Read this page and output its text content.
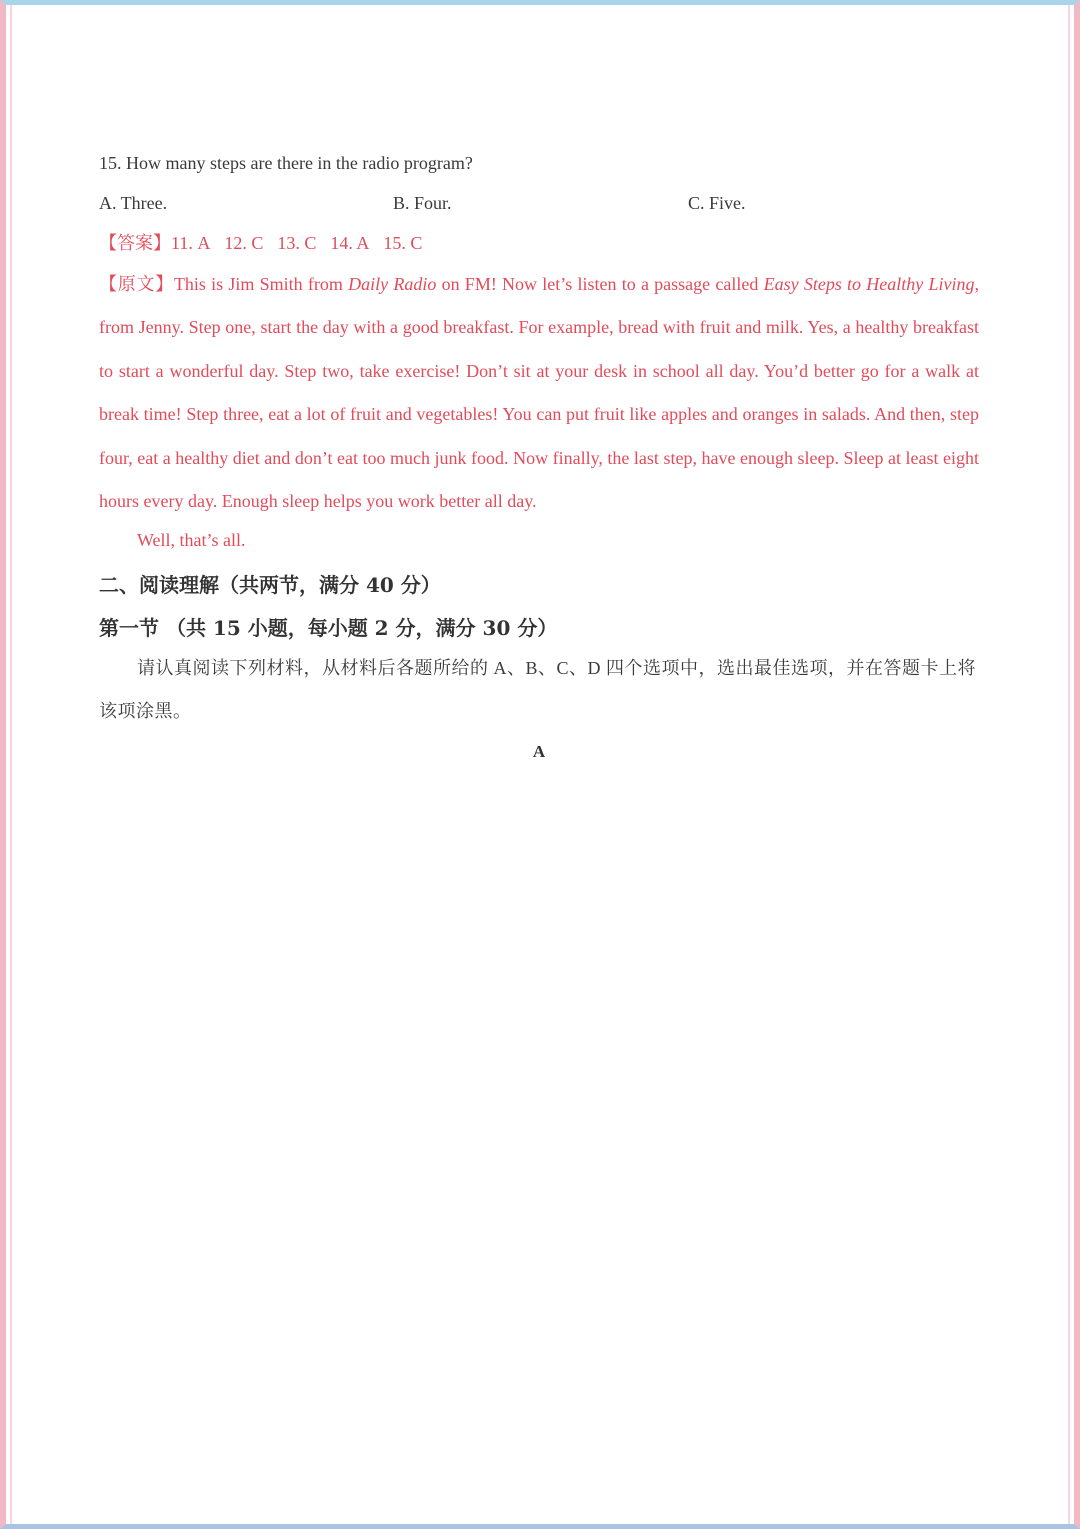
15. How many steps are there in the radio program?
A. Three.	B. Four.	C. Five.
【答案】11. A 12. C 13. C 14. A 15. C
【原文】This is Jim Smith from Daily Radio on FM! Now let’s listen to a passage called Easy Steps to Healthy Living, from Jenny. Step one, start the day with a good breakfast. For example, bread with fruit and milk. Yes, a healthy breakfast to start a wonderful day. Step two, take exercise! Don’t sit at your desk in school all day. You’d better go for a walk at break time! Step three, eat a lot of fruit and vegetables! You can put fruit like apples and oranges in salads. And then, step four, eat a healthy diet and don’t eat too much junk food. Now finally, the last step, have enough sleep. Sleep at least eight hours every day. Enough sleep helps you work better all day.
Well, that’s all.
二、阅读理解（共两节，满分 40 分）
第一节 （共 15 小题，每小题 2 分，满分 30 分）
请认真阅读下列材料，从材料后各题所给的 A、B、C、D 四个选项中，选出最佳选项，并在答题卡上将该项涂黑。
A
